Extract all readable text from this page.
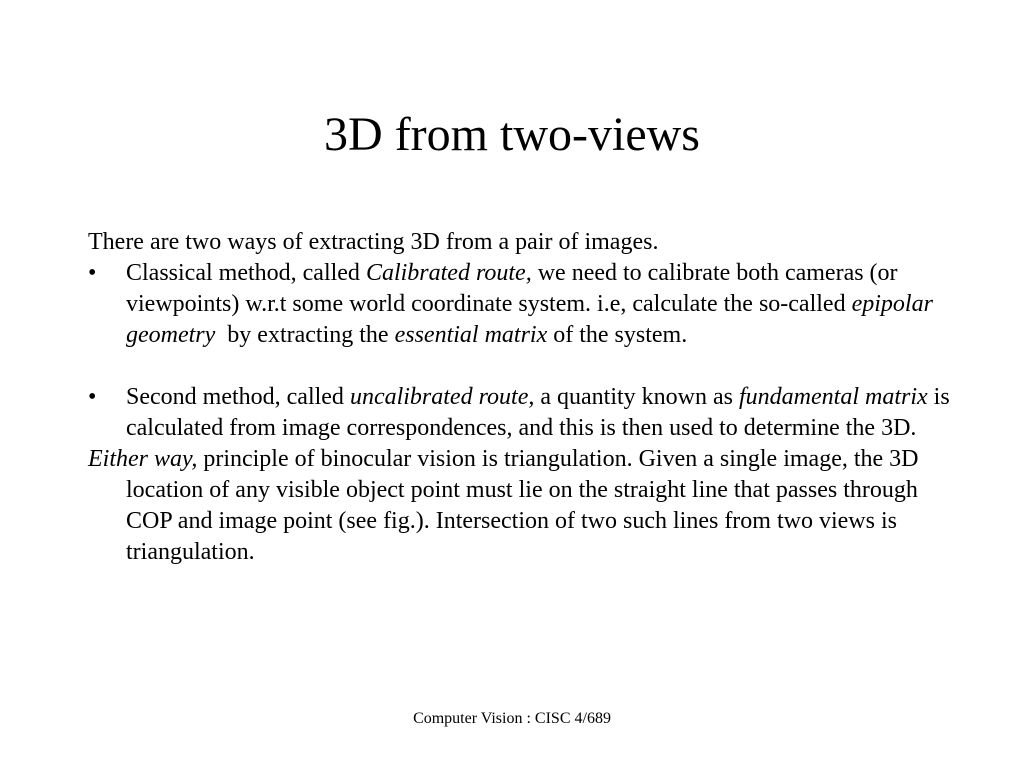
3D from two-views

There are two ways of extracting 3D from a pair of images.

•	Classical method, called Calibrated route, we need to calibrate both cameras (or viewpoints) w.r.t some world coordinate system. i.e, calculate the so-called epipolar geometry  by extracting the essential matrix of the system.

•	Second method, called uncalibrated route, a quantity known as fundamental matrix is calculated from image correspondences, and this is then used to determine the 3D.

Either way, principle of binocular vision is triangulation. Given a single image, the 3D location of any visible object point must lie on the straight line that passes through COP and image point (see fig.). Intersection of two such lines from two views is triangulation.

Computer Vision : CISC 4/689
